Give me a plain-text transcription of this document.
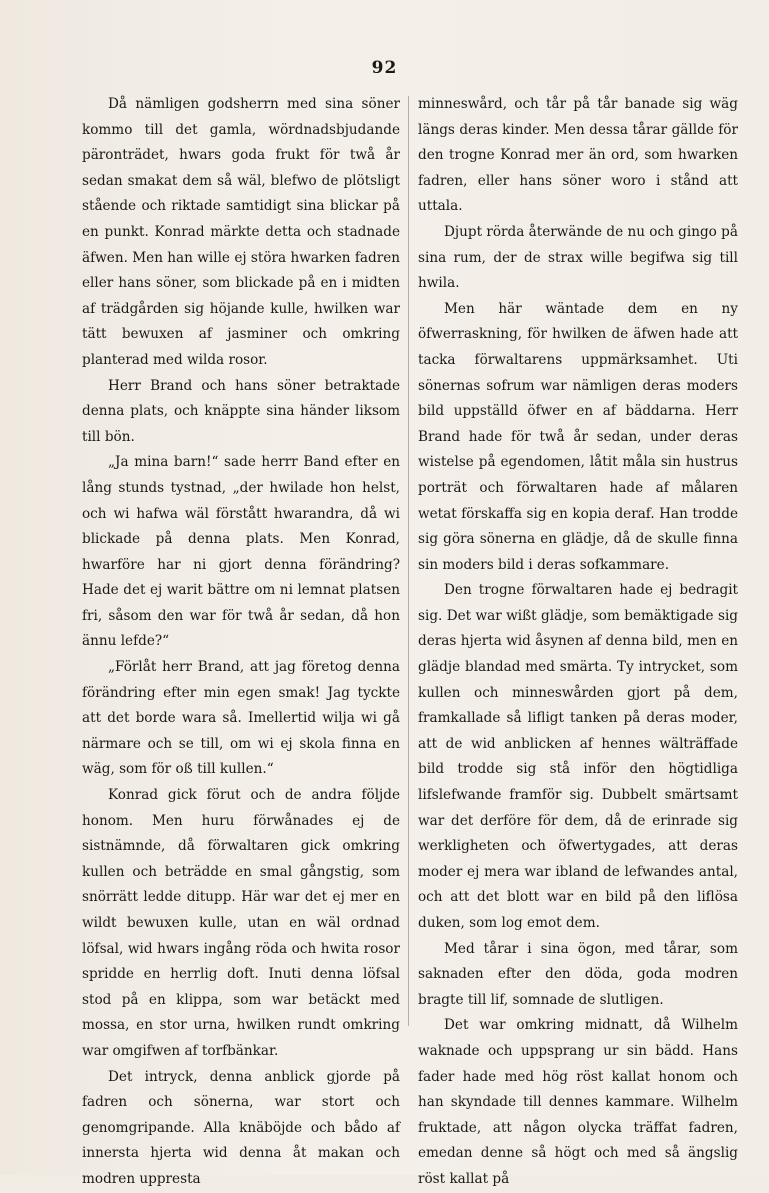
92

Då nämligen godsherrn med sina söner kommo till det gamla, wördnadsbjudande päronträdet, hwars goda frukt för twå år sedan smakat dem så wäl, blefwo de plötsligt stående och riktade samtidigt sina blickar på en punkt. Konrad märkte detta och stadnade äfwen. Men han wille ej störa hwarken fadren eller hans söner, som blickade på en i midten af trädgården sig höjande kulle, hwilken war tätt bewuxen af jasminer och omkring planterad med wilda rosor.

Herr Brand och hans söner betraktade denna plats, och knäppte sina händer liksom till bön.

„Ja mina barn!“ sade herrr Band efter en lång stunds tystnad, „der hwilade hon helst, och wi hafwa wäl förstått hwarandra, då wi blickade på denna plats. Men Konrad, hwarföre har ni gjort denna förändring? Hade det ej warit bättre om ni lemnat platsen fri, såsom den war för twå år sedan, då hon ännu lefde?“

„Förlåt herr Brand, att jag företog denna förändring efter min egen smak! Jag tyckte att det borde wara så. Imellertid wilja wi gå närmare och se till, om wi ej skola finna en wäg, som för oß till kullen.“

Konrad gick förut och de andra följde honom. Men huru förwånades ej de sistnämnde, då förwaltaren gick omkring kullen och beträdde en smal gångstig, som snörrätt ledde ditupp. Här war det ej mer en wildt bewuxen kulle, utan en wäl ordnad löfsal, wid hwars ingång röda och hwita rosor spridde en herrlig doft. Inuti denna löfsal stod på en klippa, som war betäckt med mossa, en stor urna, hwilken rundt omkring war omgifwen af torfbänkar.

Det intryck, denna anblick gjorde på fadren och sönerna, war stort och genomgripande. Alla knäböjde och bådo af innersta hjerta wid denna åt makan och modren uppresta

minneswård, och tår på tår banade sig wäg längs deras kinder. Men dessa tårar gällde för den trogne Konrad mer än ord, som hwarken fadren, eller hans söner woro i stånd att uttala.

Djupt rörda återwände de nu och gingo på sina rum, der de strax wille begifwa sig till hwila.

Men här wäntade dem en ny öfwerraskning, för hwilken de äfwen hade att tacka förwaltarens uppmärksamhet. Uti sönernas sofrum war nämligen deras moders bild uppställd öfwer en af bäddarna. Herr Brand hade för twå år sedan, under deras wistelse på egendomen, låtit måla sin hustrus porträt och förwaltaren hade af målaren wetat förskaffa sig en kopia deraf. Han trodde sig göra sönerna en glädje, då de skulle finna sin moders bild i deras sofkammare.

Den trogne förwaltaren hade ej bedragit sig. Det war wißt glädje, som bemäktigade sig deras hjerta wid åsynen af denna bild, men en glädje blandad med smärta. Ty intrycket, som kullen och minneswården gjort på dem, framkallade så lifligt tanken på deras moder, att de wid anblicken af hennes wälträffade bild trodde sig stå inför den högtidliga lifslefwande framför sig. Dubbelt smärtsamt war det derföre för dem, då de erinrade sig werkligheten och öfwertygades, att deras moder ej mera war ibland de lefwandes antal, och att det blott war en bild på den liflösa duken, som log emot dem.

Med tårar i sina ögon, med tårar, som saknaden efter den döda, goda modren bragte till lif, somnade de slutligen.

Det war omkring midnatt, då Wilhelm waknade och uppsprang ur sin bädd. Hans fader hade med hög röst kallat honom och han skyndade till dennes kammare. Wilhelm fruktade, att någon olycka träffat fadren, emedan denne så högt och med så ängslig röst kallat på
